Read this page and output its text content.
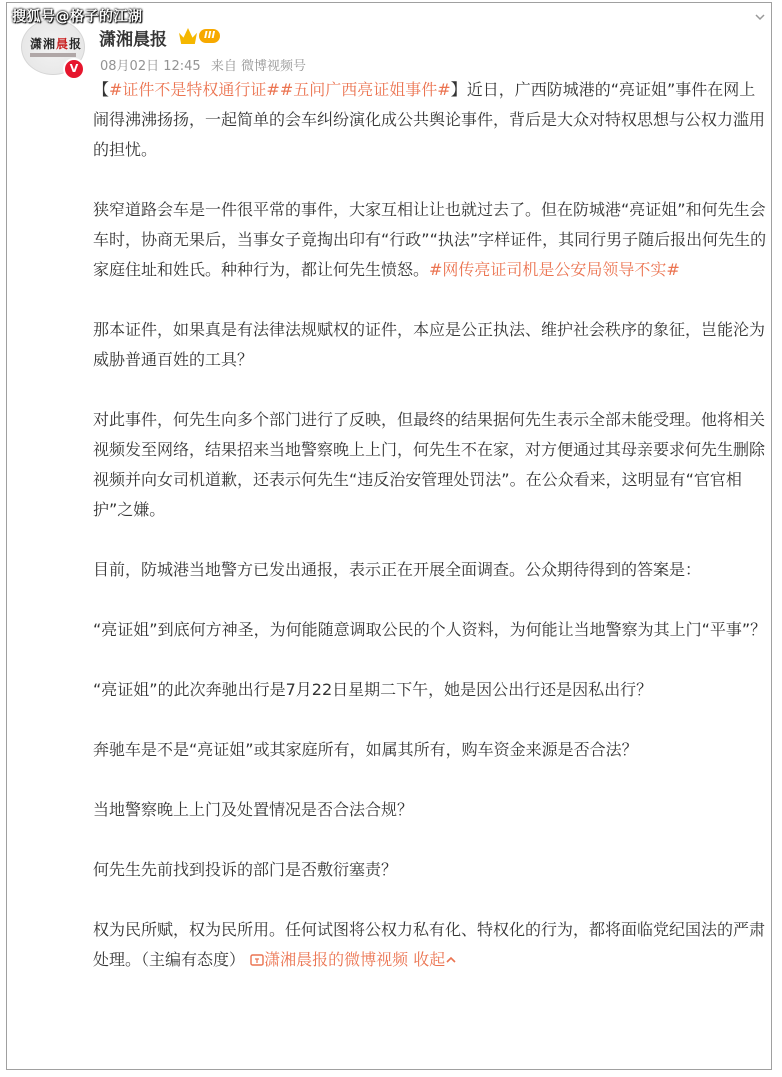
搜狐号@格子的江湖
潇湘晨报
V
潇湘晨报	III
08月02日 12:45 来自 微博视频号

【#证件不是特权通行证##五问广西亮证姐事件#】近日，广西防城港的“亮证姐”事件在网上闹得沸沸扬扬，一起简单的会车纠纷演化成公共舆论事件，背后是大众对特权思想与公权力滥用的担忧。

狭窄道路会车是一件很平常的事件，大家互相让让也就过去了。但在防城港“亮证姐”和何先生会车时，协商无果后，当事女子竟掏出印有“行政”“执法”字样证件，其同行男子随后报出何先生的家庭住址和姓氏。种种行为，都让何先生愤怒。#网传亮证司机是公安局领导不实#

那本证件，如果真是有法律法规赋权的证件，本应是公正执法、维护社会秩序的象征，岂能沦为威胁普通百姓的工具？

对此事件，何先生向多个部门进行了反映，但最终的结果据何先生表示全部未能受理。他将相关视频发至网络，结果招来当地警察晚上上门，何先生不在家，对方便通过其母亲要求何先生删除视频并向女司机道歉，还表示何先生“违反治安管理处罚法”。在公众看来，这明显有“官官相护”之嫌。

目前，防城港当地警方已发出通报，表示正在开展全面调查。公众期待得到的答案是：

“亮证姐”到底何方神圣，为何能随意调取公民的个人资料，为何能让当地警察为其上门“平事”？

“亮证姐”的此次奔驰出行是7月22日星期二下午，她是因公出行还是因私出行？

奔驰车是不是“亮证姐”或其家庭所有，如属其所有，购车资金来源是否合法？

当地警察晚上上门及处置情况是否合法合规？

何先生先前找到投诉的部门是否敷衍塞责？

权为民所赋，权为民所用。任何试图将公权力私有化、特权化的行为，都将面临党纪国法的严肃处理。（主编有态度） 潇湘晨报的微博视频 收起
